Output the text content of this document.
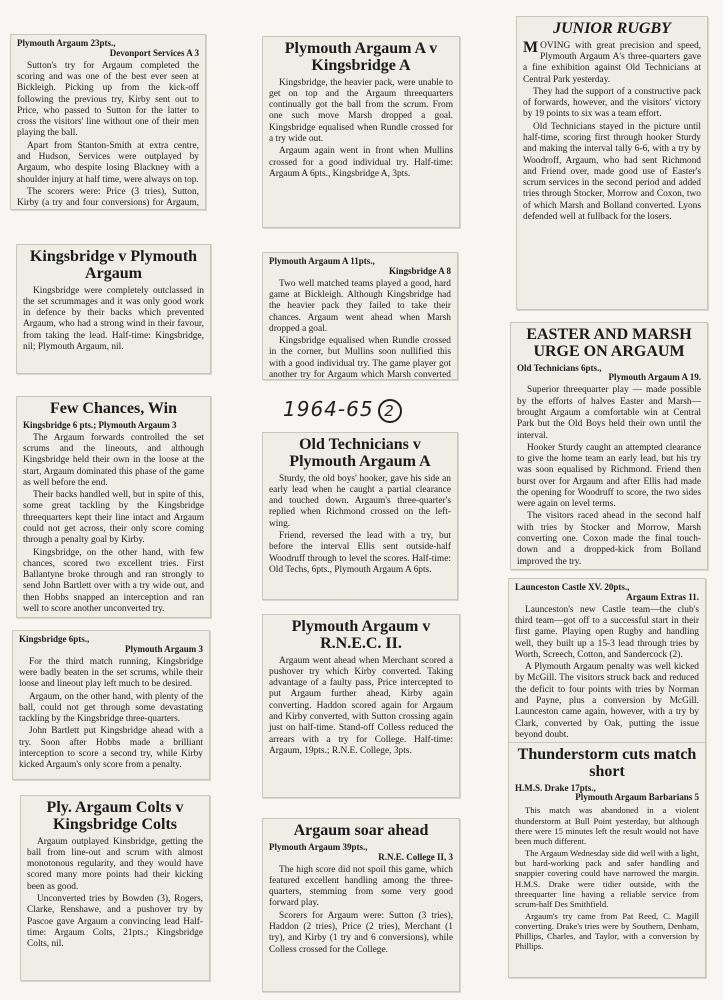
Plymouth Argaum 23pts.,
Devonport Services A 3

Sutton's try for Argaum completed the scoring and was one of the best ever seen at Bickleigh. Picking up from the kick-off following the previous try, Kirby sent out to Price, who passed to Sutton for the latter to cross the visitors' line without one of their men playing the ball.

Apart from Stanton-Smith at extra centre, and Hudson, Services were outplayed by Argaum, who despite losing Blackney with a shoulder injury at half time, were always on top.

The scorers were: Price (3 tries), Sutton, Kirby (a try and four conversions) for Argaum,

Kingsbridge v Plymouth Argaum

Kingsbridge were completely outclassed in the set scrummages and it was only good work in defence by their backs which prevented Argaum, who had a strong wind in their favour, from taking the lead. Half-time: Kingsbridge, nil; Plymouth Argaum, nil.

Few Chances, Win
Kingsbridge 6 pts.; Plymouth Argaum 3

The Argaum forwards controlled the set scrums and the lineouts, and although Kingsbridge held their own in the loose at the start, Argaum dominated this phase of the game as well before the end.

Their backs handled well, but in spite of this, some great tackling by the Kingsbridge threequarters kept their line intact and Argaum could not get across, their only score coming through a penalty goal by Kirby.

Kingsbridge, on the other hand, with few chances, scored two excellent tries. First Ballantyne broke through and ran strongly to send John Bartlett over with a try wide out, and then Hobbs snapped an interception and ran well to score another unconverted try.

Kingsbridge 6pts.,
Plymouth Argaum 3

For the third match running, Kingsbridge were badly beaten in the set scrums, while their loose and lineout play left much to be desired.

Argaum, on the other hand, with plenty of the ball, could not get through some devastating tackling by the Kingsbridge three-quarters.

John Bartlett put Kingsbridge ahead with a try. Soon after Hobbs made a brilliant interception to score a second try, while Kirby kicked Argaum's only score from a penalty.

Ply. Argaum Colts v Kingsbridge Colts

Argaum outplayed Kinsbridge, getting the ball from line-out and scrum with almost monotonous regularity, and they would have scored many more points had their kicking been as good.

Unconverted tries by Bowden (3), Rogers, Clarke, Renshawe, and a pushover try by Pascoe gave Argaum a convincing lead Half-time: Argaum Colts, 21pts.; Kingsbridge Colts, nil.

Plymouth Argaum A v Kingsbridge A

Kingsbridge, the heavier pack, were unable to get on top and the Argaum threequarters continually got the ball from the scrum. From one such move Marsh dropped a goal. Kingsbridge equalised when Rundle crossed for a try wide out.

Argaum again went in front when Mullins crossed for a good individual try. Half-time: Argaum A 6pts., Kingsbridge A, 3pts.

Plymouth Argaum A 11pts.,
Kingsbridge A 8

Two well matched teams played a good, hard game at Bickleigh. Although Kingsbridge had the heavier pack they failed to take their chances. Argaum went ahead when Marsh dropped a goal.

Kingsbridge equalised when Rundle crossed in the corner, but Mullins soon nullified this with a good individual try. The game player got another try for Argaum which Marsh converted

1964-65 2
Old Technicians v Plymouth Argaum A

Sturdy, the old boys' hooker, gave his side an early lead when he caught a partial clearance and touched down. Argaum's three-quarter's replied when Richmond crossed on the left-wing.

Friend, reversed the lead with a try, but before the interval Ellis sent outside-half Woodruff through to level the scores. Half-time: Old Techs, 6pts., Plymouth Argaum A 6pts.

Plymouth Argaum v R.N.E.C. II.

Argaum went ahead when Merchant scored a pushover try which Kirby converted. Taking advantage of a faulty pass, Price intercepted to put Argaum further ahead, Kirby again converting. Haddon scored again for Argaum and Kirby converted, with Sutton crossing again just on half-time. Stand-off Colless reduced the arrears with a try for College. Half-time: Argaum, 19pts.; R.N.E. College, 3pts.

Argaum soar ahead
Plymouth Argaum 39pts.,
R.N.E. College II, 3

The high score did not spoil this game, which featured excellent handling among the three-quarters, stemming from some very good forward play.

Scorers for Argaum were: Sutton (3 tries), Haddon (2 tries), Price (2 tries), Merchant (1 try), and Kirby (1 try and 6 conversions), while Colless crossed for the College.

JUNIOR RUGBY

MOVING with great precision and speed, Plymouth Argaum A's three-quarters gave a fine exhibition against Old Technicians at Central Park yesterday.

They had the support of a constructive pack of forwards, however, and the visitors' victory by 19 points to six was a team effort.

Old Technicians stayed in the picture until half-time, scoring first through hooker Sturdy and making the interval tally 6-6, with a try by Woodroff, Argaum, who had sent Richmond and Friend over, made good use of Easter's scrum services in the second period and added tries through Stocker, Morrow and Coxon, two of which Marsh and Bolland converted. Lyons defended well at fullback for the losers.

EASTER AND MARSH URGE ON ARGAUM
Old Technicians 6pts.,
Plymouth Argaum A 19.

Superior threequarter play — made possible by the efforts of halves Easter and Marsh—brought Argaum a comfortable win at Central Park but the Old Boys held their own until the interval.

Hooker Sturdy caught an attempted clearance to give the home team an early lead, but his try was soon equalised by Richmond. Friend then burst over for Argaum and after Ellis had made the opening for Woodruff to score, the two sides were again on level terms.

The visitors raced ahead in the second half with tries by Stocker and Morrow, Marsh converting one. Coxon made the final touch-down and a dropped-kick from Bolland improved the try.

Launceston Castle XV. 20pts.,
Argaum Extras 11.

Launceston's new Castle team—the club's third team—got off to a successful start in their first game. Playing open Rugby and handling well, they built up a 15-3 lead through tries by Worth, Screech, Cotton, and Sandercock (2).

A Plymouth Argaum penalty was well kicked by McGill. The visitors struck back and reduced the deficit to four points with tries by Norman and Payne, plus a conversion by McGill. Launceston came again, however, with a try by Clark, converted by Oak, putting the issue beyond doubt.

Thunderstorm cuts match short
H.M.S. Drake 17pts.,
Plymouth Argaum Barbarians 5

This match was abandoned in a violent thunderstorm at Bull Point yesterday, but although there were 15 minutes left the result would not have been much different.

The Argaum Wednesday side did well with a light, but hard-working pack and safer handling and snappier covering could have narrowed the margin. H.M.S. Drake were tidier outside, with the threequarter line having a reliable service from scrum-half Des Smithfield.

Argaum's try came from Pat Reed, C. Magill converting. Drake's tries were by Southern, Denham, Phillips, Charles, and Taylor, with a conversion by Phillips.
